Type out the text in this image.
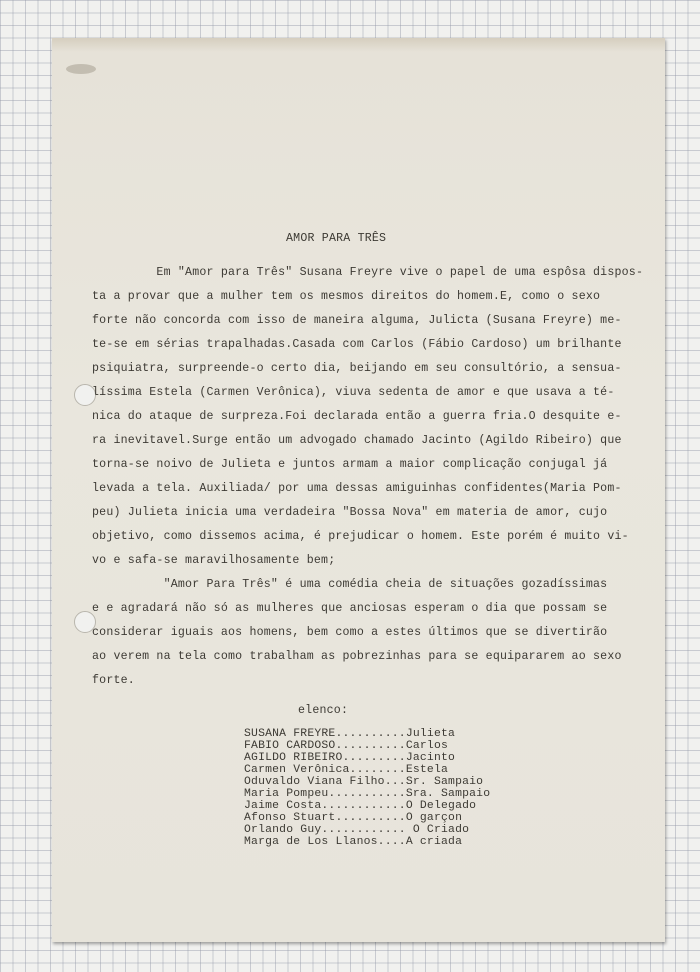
AMOR PARA TRÊS
Em "Amor para Três" Susana Freyre vive o papel de uma espôsa dispos-
ta a provar que a mulher tem os mesmos direitos do homem.E, como o sexo
forte não concorda com isso de maneira alguma, Julicta (Susana Freyre) me-
te-se em sérias trapalhadas.Casada com Carlos (Fábio Cardoso) um brilhante
psiquiatra, surpreende-o certo dia, beijando em seu consultório, a sensua-
líssima Estela (Carmen Verônica), viuva sedenta de amor e que usava a té-
nica do ataque de surpreza.Foi declarada então a guerra fria.O desquite e-
ra inevitavel.Surge então um advogado chamado Jacinto (Agildo Ribeiro) que
torna-se noivo de Julieta e juntos armam a maior complicação conjugal já
levada a tela. Auxiliada/ por uma dessas amiguinhas confidentes(Maria Pom-
peu) Julieta inicia uma verdadeira "Bossa Nova" em materia de amor, cujo
objetivo, como dissemos acima, é prejudicar o homem. Este porém é muito vi-
vo e safa-se maravilhosamente bem;
"Amor Para Três" é uma comédia cheia de situações gozadíssimas
e e agradará não só as mulheres que anciosas esperam o dia que possam se
considerar iguais aos homens, bem como a estes últimos que se divertirão
ao verem na tela como trabalham as pobrezinhas para se equipararem ao sexo
forte.
elenco:
SUSANA FREYRE..........Julieta
FABIO CARDOSO..........Carlos
AGILDO RIBEIRO.........Jacinto
Carmen Verônica........Estela
Oduvaldo Viana Filho...Sr. Sampaio
Maria Pompeu...........Sra. Sampaio
Jaime Costa............O Delegado
Afonso Stuart..........O garçon
Orlando Guy............ O Criado
Marga de Los Llanos....A criada
